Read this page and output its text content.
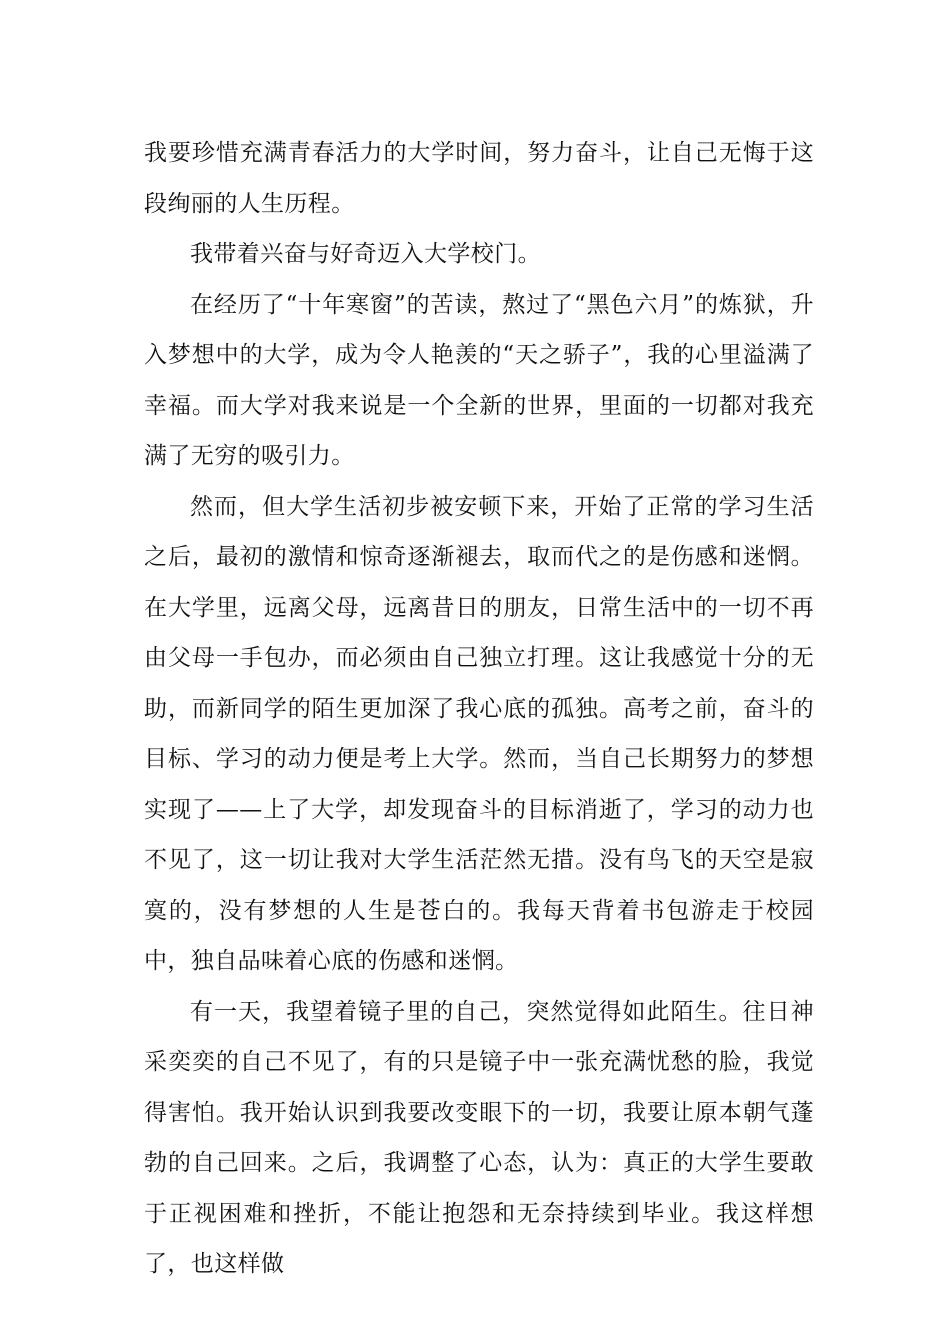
我要珍惜充满青春活力的大学时间，努力奋斗，让自己无悔于这段绚丽的人生历程。

我带着兴奋与好奇迈入大学校门。

在经历了“十年寒窗”的苦读，熬过了“黑色六月”的炼狱，升入梦想中的大学，成为令人艳羡的“天之骄子”，我的心里溢满了幸福。而大学对我来说是一个全新的世界，里面的一切都对我充满了无穷的吸引力。

然而，但大学生活初步被安顿下来，开始了正常的学习生活之后，最初的激情和惊奇逐渐褪去，取而代之的是伤感和迷惘。在大学里，远离父母，远离昔日的朋友，日常生活中的一切不再由父母一手包办，而必须由自己独立打理。这让我感觉十分的无助，而新同学的陌生更加深了我心底的孤独。高考之前，奋斗的目标、学习的动力便是考上大学。然而，当自己长期努力的梦想实现了——上了大学，却发现奋斗的目标消逝了，学习的动力也不见了，这一切让我对大学生活茫然无措。没有鸟飞的天空是寂寞的，没有梦想的人生是苍白的。我每天背着书包游走于校园中，独自品味着心底的伤感和迷惘。

有一天，我望着镜子里的自己，突然觉得如此陌生。往日神采奕奕的自己不见了，有的只是镜子中一张充满忧愁的脸，我觉得害怕。我开始认识到我要改变眼下的一切，我要让原本朝气蓬勃的自己回来。之后，我调整了心态，认为：真正的大学生要敢于正视困难和挫折，不能让抱怨和无奈持续到毕业。我这样想了，也这样做
